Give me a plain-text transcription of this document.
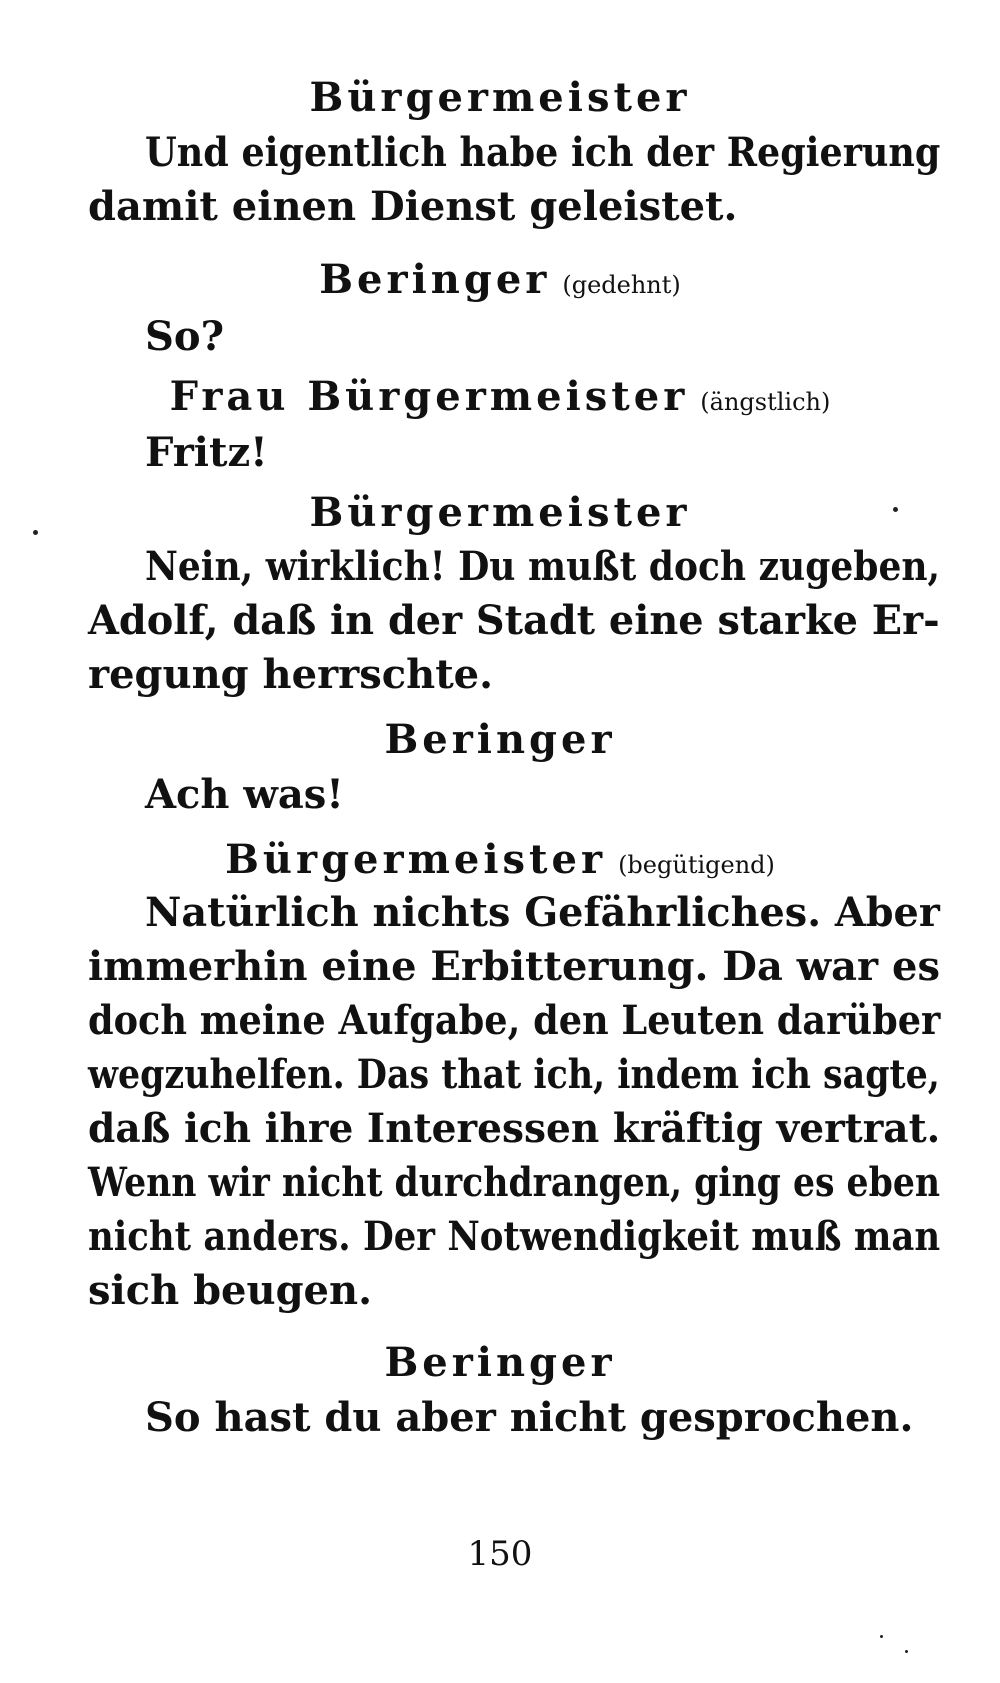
Bürgermeister
Und eigentlich habe ich der Regierung
damit einen Dienst geleistet.
Beringer (gedehnt)
So?
Frau Bürgermeister (ängstlich)
Fritz!
Bürgermeister
Nein, wirklich! Du mußt doch zugeben,
Adolf, daß in der Stadt eine starke Er-
regung herrschte.
Beringer
Ach was!
Bürgermeister (begütigend)
Natürlich nichts Gefährliches. Aber
immerhin eine Erbitterung. Da war es
doch meine Aufgabe, den Leuten darüber
wegzuhelfen. Das that ich, indem ich sagte,
daß ich ihre Interessen kräftig vertrat.
Wenn wir nicht durchdrangen, ging es eben
nicht anders. Der Notwendigkeit muß man
sich beugen.
Beringer
So hast du aber nicht gesprochen.
150
